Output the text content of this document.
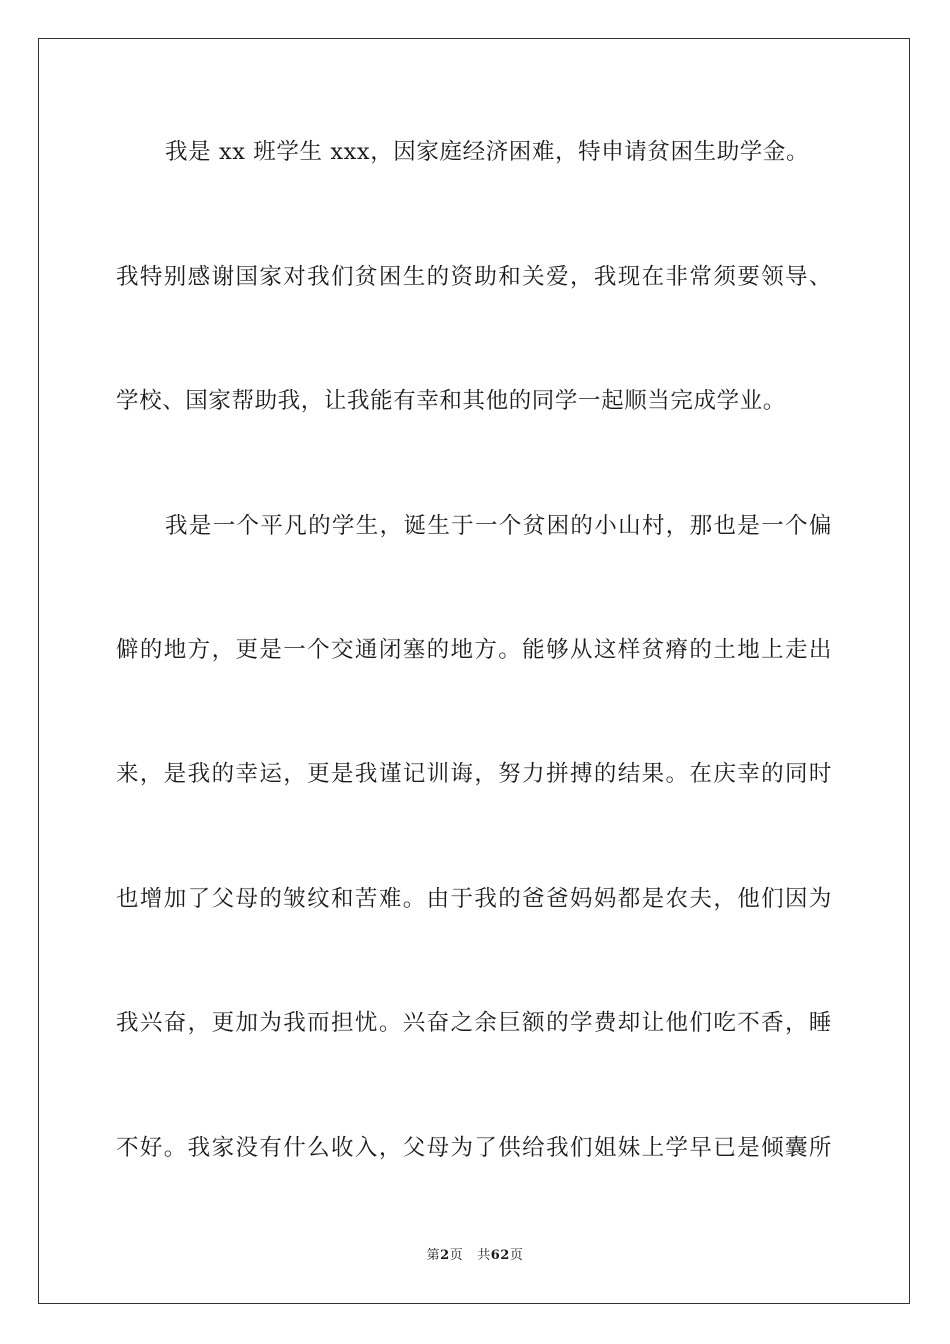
我是 xx 班学生 xxx，因家庭经济困难，特申请贫困生助学金。
我特别感谢国家对我们贫困生的资助和关爱，我现在非常须要领导、
学校、国家帮助我，让我能有幸和其他的同学一起顺当完成学业。
我是一个平凡的学生，诞生于一个贫困的小山村，那也是一个偏
僻的地方，更是一个交通闭塞的地方。能够从这样贫瘠的土地上走出
来，是我的幸运，更是我谨记训诲，努力拼搏的结果。在庆幸的同时
也增加了父母的皱纹和苦难。由于我的爸爸妈妈都是农夫，他们因为
我兴奋，更加为我而担忧。兴奋之余巨额的学费却让他们吃不香，睡
不好。我家没有什么收入，父母为了供给我们姐妹上学早已是倾囊所
第2页 共62页
